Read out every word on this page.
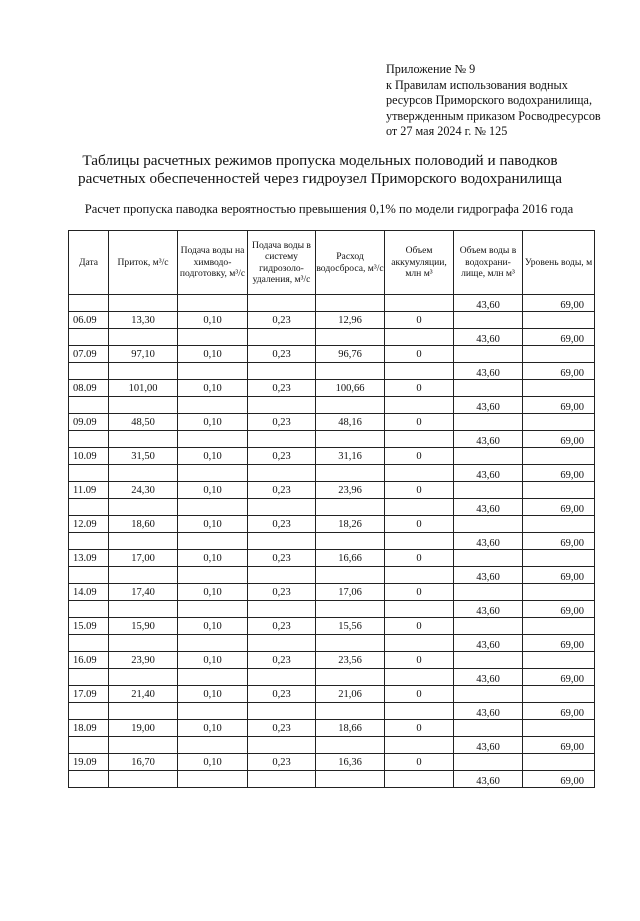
Приложение № 9
к Правилам использования водных
ресурсов Приморского водохранилища,
утвержденным приказом Росводресурсов
от 27 мая 2024 г. № 125
Таблицы расчетных режимов пропуска модельных половодий и паводков
расчетных обеспеченностей через гидроузел Приморского водохранилища
Расчет пропуска паводка вероятностью превышения 0,1% по модели гидрографа 2016 года
Дата	Приток, м³/с	Подача воды на химводо-подготовку, м³/с	Подача воды в систему гидрозоло-удаления, м³/с	Расход водосброса, м³/с	Объем аккумуляции, млн м³	Объем воды в водохрани-лище, млн м³	Уровень воды, м
						43,60	69,00
06.09	13,30	0,10	0,23	12,96	0		
						43,60	69,00
07.09	97,10	0,10	0,23	96,76	0		
						43,60	69,00
08.09	101,00	0,10	0,23	100,66	0		
						43,60	69,00
09.09	48,50	0,10	0,23	48,16	0		
						43,60	69,00
10.09	31,50	0,10	0,23	31,16	0		
						43,60	69,00
11.09	24,30	0,10	0,23	23,96	0		
						43,60	69,00
12.09	18,60	0,10	0,23	18,26	0		
						43,60	69,00
13.09	17,00	0,10	0,23	16,66	0		
						43,60	69,00
14.09	17,40	0,10	0,23	17,06	0		
						43,60	69,00
15.09	15,90	0,10	0,23	15,56	0		
						43,60	69,00
16.09	23,90	0,10	0,23	23,56	0		
						43,60	69,00
17.09	21,40	0,10	0,23	21,06	0		
						43,60	69,00
18.09	19,00	0,10	0,23	18,66	0		
						43,60	69,00
19.09	16,70	0,10	0,23	16,36	0		
						43,60	69,00
